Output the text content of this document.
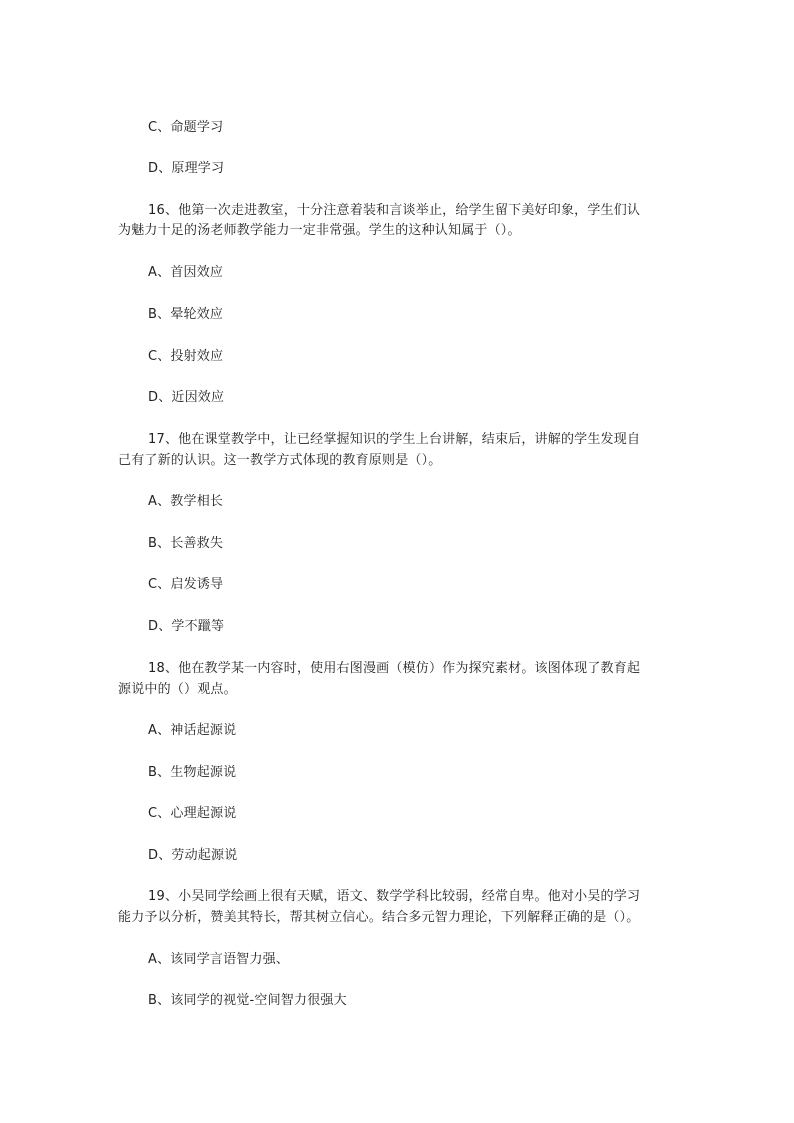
C、命题学习
D、原理学习
16、他第一次走进教室，十分注意着装和言谈举止，给学生留下美好印象，学生们认
为魅力十足的汤老师教学能力一定非常强。学生的这种认知属于（）。
A、首因效应
B、晕轮效应
C、投射效应
D、近因效应
17、他在课堂教学中，让已经掌握知识的学生上台讲解，结束后，讲解的学生发现自
己有了新的认识。这一教学方式体现的教育原则是（）。
A、教学相长
B、长善救失
C、启发诱导
D、学不躐等
18、他在教学某一内容时，使用右图漫画（模仿）作为探究素材。该图体现了教育起
源说中的（）观点。
A、神话起源说
B、生物起源说
C、心理起源说
D、劳动起源说
19、小吴同学绘画上很有天赋，语文、数学学科比较弱，经常自卑。他对小吴的学习
能力予以分析，赞美其特长，帮其树立信心。结合多元智力理论，下列解释正确的是（）。
A、该同学言语智力强、
B、该同学的视觉-空间智力很强大
